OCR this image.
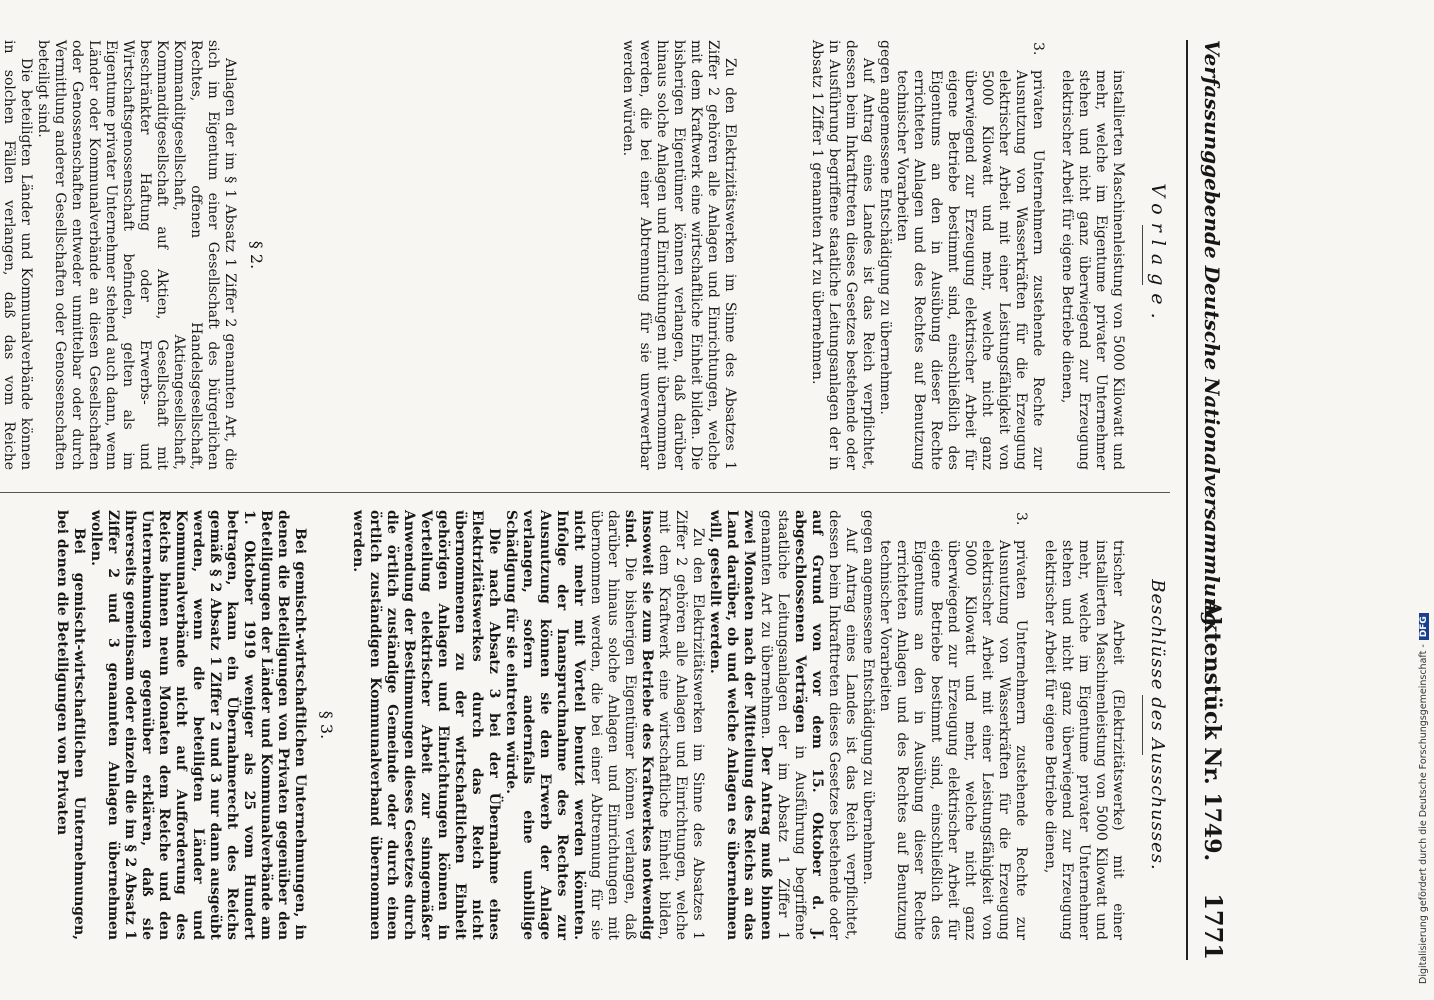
Verfassunggebende Deutsche Nationalversammlung.
Aktenstück Nr. 1749.
1771
Vorlage.

installierten Maschinenleistung von 5000 Kilowatt und mehr, welche im Eigentume privater Unternehmer stehen und nicht ganz überwiegend zur Erzeugung elektrischer Arbeit für eigene Betriebe dienen,

3.
privaten Unternehmern zustehende Rechte zur Ausnutzung von Wasserkräften für die Erzeugung elektrischer Arbeit mit einer Leistungsfähigkeit von 5000 Kilowatt und mehr, welche nicht ganz überwiegend zur Erzeugung elektrischer Arbeit für eigene Betriebe bestimmt sind, einschließlich des Eigentums an den in Ausübung dieser Rechte errichteten Anlagen und des Rechtes auf Benutzung technischer Vorarbeiten

gegen angemessene Entschädigung zu übernehmen.

Auf Antrag eines Landes ist das Reich verpflichtet, dessen beim Inkrafttreten dieses Gesetzes bestehende oder in Ausführung begriffene staatliche Leitungsanlagen der in Absatz 1 Ziffer 1 genannten Art zu übernehmen.

Zu den Elektrizitätswerken im Sinne des Absatzes 1 Ziffer 2 gehören alle Anlagen und Einrichtungen, welche mit dem Kraftwerk eine wirtschaftliche Einheit bilden. Die bisherigen Eigentümer können verlangen, daß darüber hinaus solche Anlagen und Einrichtungen mit übernommen werden, die bei einer Abtrennung für sie unverwertbar werden würden.

§ 2.

Anlagen der im § 1 Absatz 1 Ziffer 2 genannten Art, die sich im Eigentum einer Gesellschaft des bürgerlichen Rechtes, offenen Handelsgesellschaft, Kommanditgesellschaft, Aktiengesellschaft, Kommanditgesellschaft auf Aktien, Gesellschaft mit beschränkter Haftung oder Erwerbs- und Wirtschaftsgenossenschaft befinden, gelten als im Eigentume privater Unternehmer stehend auch dann, wenn Länder oder Kommunalverbände an diesen Gesellschaften oder Genossenschaften entweder unmittelbar oder durch Vermittlung anderer Gesellschaften oder Genossenschaften beteiligt sind.

Die beteiligten Länder und Kommunalverbände können in solchen Fällen verlangen, daß das vom Reiche

Beschlüsse des Ausschusses.

trischer Arbeit (Elektrizitätswerke) mit einer installierten Maschinenleistung von 5000 Kilowatt und mehr, welche im Eigentume privater Unternehmer stehen und nicht ganz überwiegend zur Erzeugung elektrischer Arbeit für eigene Betriebe dienen,

3.
privaten Unternehmern zustehende Rechte zur Ausnutzung von Wasserkräften für die Erzeugung elektrischer Arbeit mit einer Leistungsfähigkeit von 5000 Kilowatt und mehr, welche nicht ganz überwiegend zur Erzeugung elektrischer Arbeit für eigene Betriebe bestimmt sind, einschließlich des Eigentums an den in Ausübung dieser Rechte errichteten Anlagen und des Rechtes auf Benutzung technischer Vorarbeiten

gegen angemessene Entschädigung zu übernehmen.

Auf Antrag eines Landes ist das Reich verpflichtet, dessen beim Inkrafttreten dieses Gesetzes bestehende oder auf Grund von vor dem 15. Oktober d. J. abgeschlossenen Verträgen in Ausführung begriffene staatliche Leitungsanlagen der im Absatz 1 Ziffer 1 genannten Art zu übernehmen. Der Antrag muß binnen zwei Monaten nach der Mitteilung des Reichs an das Land darüber, ob und welche Anlagen es übernehmen will, gestellt werden.

Zu den Elektrizitätswerken im Sinne des Absatzes 1 Ziffer 2 gehören alle Anlagen und Einrichtungen, welche mit dem Kraftwerk eine wirtschaftliche Einheit bilden, insoweit sie zum Betriebe des Kraftwerkes notwendig sind. Die bisherigen Eigentümer können verlangen, daß darüber hinaus solche Anlagen und Einrichtungen mit übernommen werden, die bei einer Abtrennung für sie nicht mehr mit Vorteil benutzt werden könnten. Infolge der Inanspruchnahme des Rechtes zur Ausnutzung können sie den Erwerb der Anlage verlangen, sofern andernfalls eine unbillige Schädigung für sie eintreten würde.

Die nach Absatz 3 bei der Übernahme eines Elektrizitätswerkes durch das Reich nicht übernommenen zu der wirtschaftlichen Einheit gehörigen Anlagen und Einrichtungen können in Verteilung elektrischer Arbeit zur sinngemäßer Anwendung der Bestimmungen dieses Gesetzes durch die örtlich zuständige Gemeinde oder durch einen örtlich zuständigen Kommunalverband übernommen werden.

§ 3.

Bei gemischt-wirtschaftlichen Unternehmungen, in denen die Beteiligungen von Privaten gegenüber den Beteiligungen der Länder und Kommunalverbände am 1. Oktober 1919 weniger als 25 vom Hundert betragen, kann ein Übernahmerecht des Reichs gemäß § 2 Absatz 1 Ziffer 2 und 3 nur dann ausgeübt werden, wenn die beteiligten Länder und Kommunalverbände nicht auf Aufforderung des Reichs binnen neun Monaten dem Reiche und den Unternehmungen gegenüber erklären, daß sie ihrerseits gemeinsam oder einzeln die im § 2 Absatz 1 Ziffer 2 und 3 genannten Anlagen übernehmen wollen.

Bei gemischt-wirtschaftlichen Unternehmungen, bei denen die Beteiligungen von Privaten	Digitalisierung gefördert durch die Deutsche Forschungsgemeinschaft -DFG
